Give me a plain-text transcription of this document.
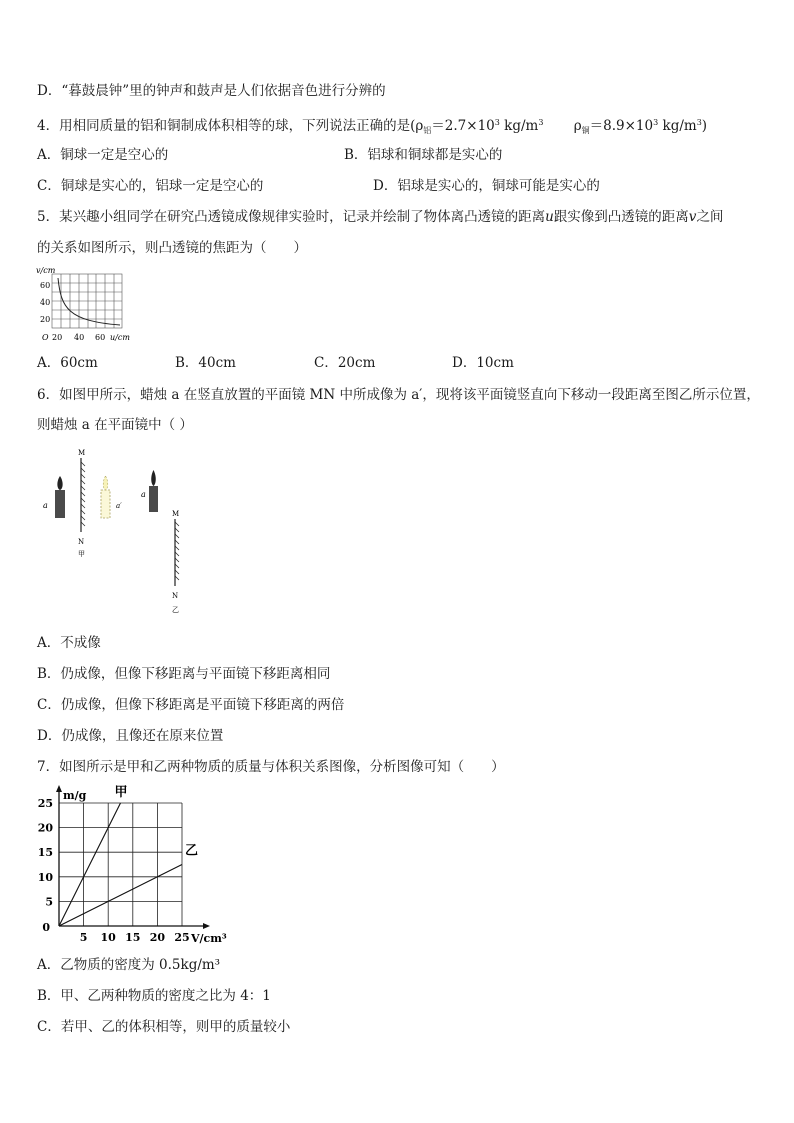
D．“暮鼓晨钟”里的钟声和鼓声是人们依据音色进行分辨的
4．用相同质量的铝和铜制成体积相等的球，下列说法正确的是($\rho_铝=2.7\times 10^3$ $kg/m^3$ $\rho_铜=8.9\times 10^3$ $kg/m^3$)
A．铜球一定是空心的	B．铝球和铜球都是实心的
C．铜球是实心的，铝球一定是空心的	D．铝球是实心的，铜球可能是实心的
5．某兴趣小组同学在研究凸透镜成像规律实验时，记录并绘制了物体离凸透镜的距离u跟实像到凸透镜的距离v之间
的关系如图所示，则凸透镜的焦距为（　　）
v/cm
60
40
20
O 20 40 60 u/cm
A．60cm	B．40cm	C．20cm	D．10cm
6．如图甲所示，蜡烛 a 在竖直放置的平面镜 MN 中所成像为 a′，现将该平面镜竖直向下移动一段距离至图乙所示位置，
则蜡烛 a 在平面镜中（ ）
a
M
N
甲
a′
a
M
N
乙
A．不成像
B．仍成像，但像下移距离与平面镜下移距离相同
C．仍成像，但像下移距离是平面镜下移距离的两倍
D．仍成像，且像还在原来位置
7．如图所示是甲和乙两种物质的质量与体积关系图像，分析图像可知（　　）
甲
乙
5 10 15 20 25
25
20
15
10
5
0
m/g
V/cm³
A．乙物质的密度为 0.5kg/m³
B．甲、乙两种物质的密度之比为 4：1
C．若甲、乙的体积相等，则甲的质量较小
